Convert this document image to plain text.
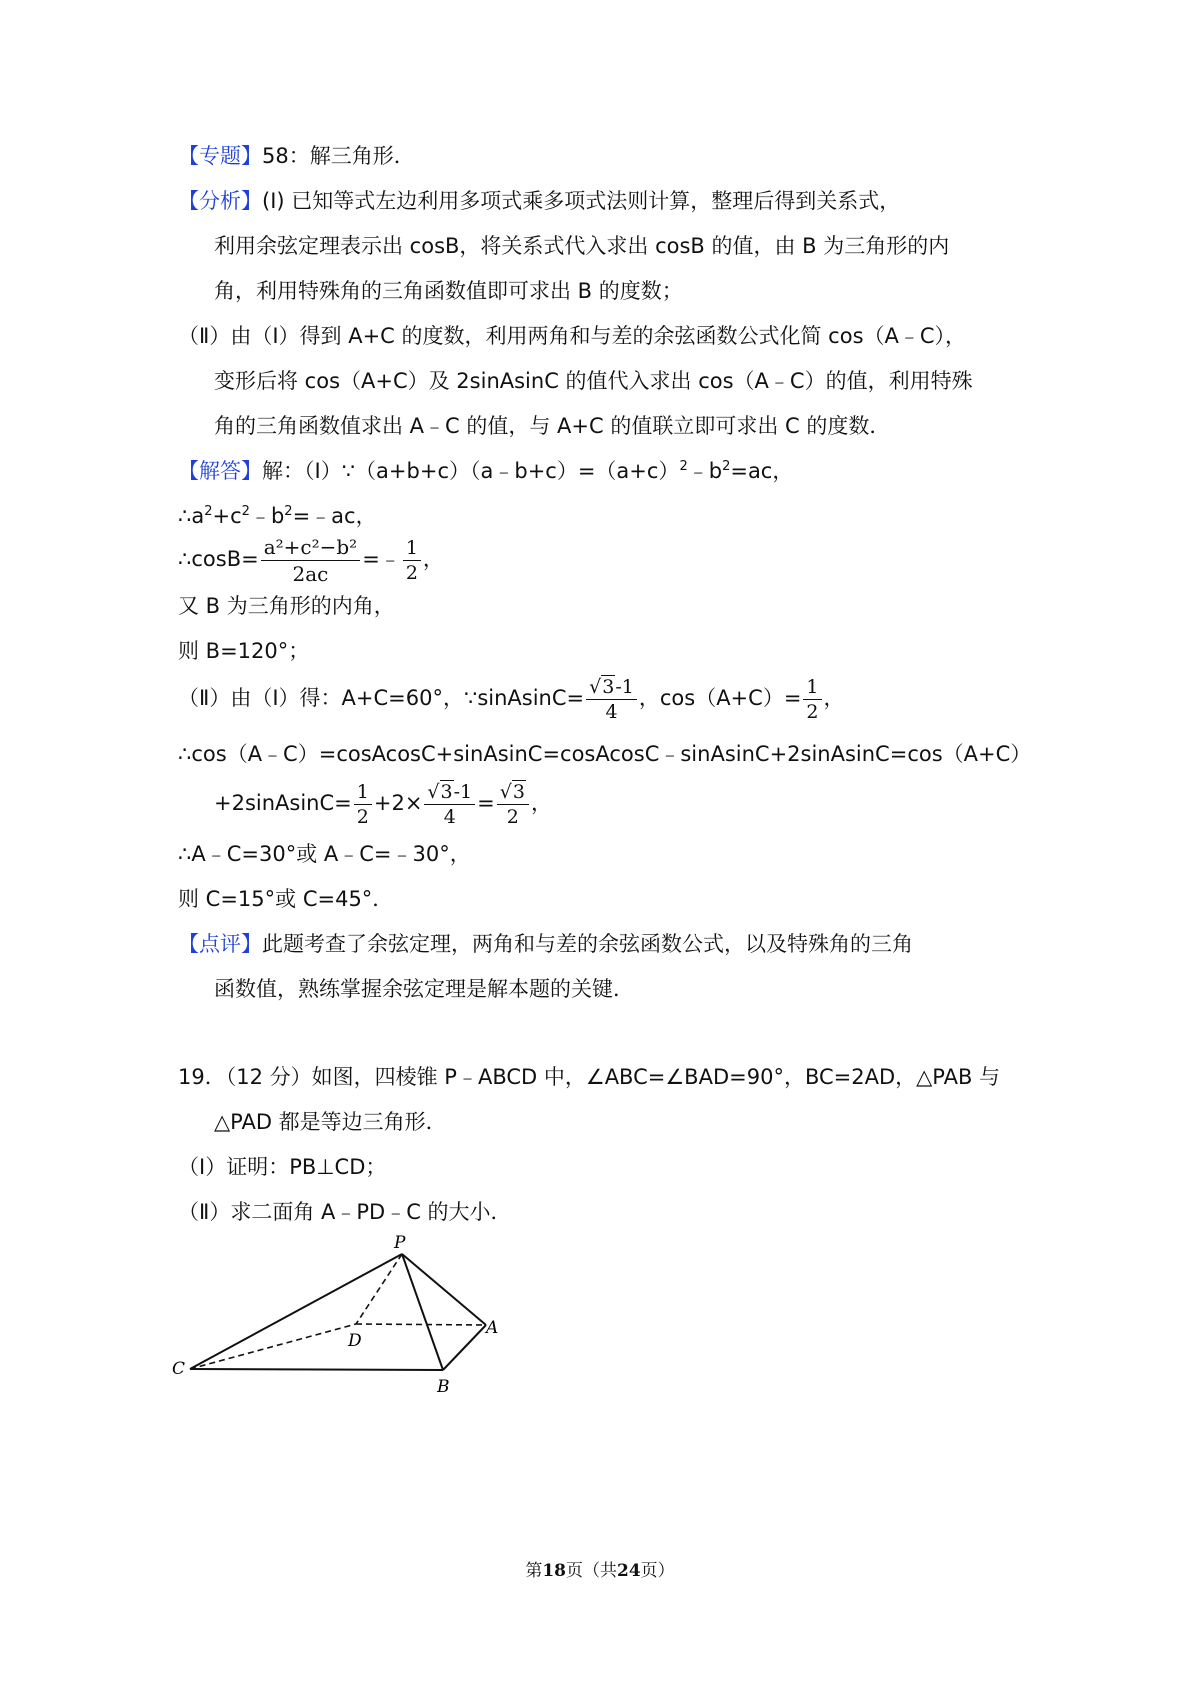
【专题】58：解三角形．
【分析】(Ⅰ) 已知等式左边利用多项式乘多项式法则计算，整理后得到关系式，
利用余弦定理表示出 cosB，将关系式代入求出 cosB 的值，由 B 为三角形的内
角，利用特殊角的三角函数值即可求出 B 的度数；
（Ⅱ）由（Ⅰ）得到 A+C 的度数，利用两角和与差的余弦函数公式化简 cos（A﹣C），
变形后将 cos（A+C）及 2sinAsinC 的值代入求出 cos（A﹣C）的值，利用特殊
角的三角函数值求出 A﹣C 的值，与 A+C 的值联立即可求出 C 的度数．
【解答】解：$(Ⅰ)\because(a+b+c)(a﹣b+c)=(a+c)^2﹣b^2=ac$，
$\therefore a^2+c^2﹣b^2=﹣ac$，
∴cosB= $\frac{\text{a²+c²−b²}}{2ac}$ =﹣ $\frac{1}{2}$ ，
又 B 为三角形的内角，
则 B=120°；
（Ⅱ）由（Ⅰ）得：A+C=60°，∵sinAsinC= $\frac{√3-1}{4}$ ，$\cos(A+C)= \frac{1}{2}$ ，
∴cos（A﹣C）=cosAcosC+sinAsinC=cosAcosC﹣sinAsinC+2sinAsinC=cos（A+C）
+2sinAsinC= $\frac{1}{2} +2\times \frac{√3-1}{4} = \frac{√3}{2}$ ，
∴A﹣C=30°或 A﹣C=﹣30°，
则 C=15°或 C=45°．
【点评】此题考查了余弦定理，两角和与差的余弦函数公式，以及特殊角的三角
函数值，熟练掌握余弦定理是解本题的关键．
19．（12 分）如图，四棱锥 P﹣ABCD 中，∠ABC=∠BAD=90°，BC=2AD，△PAB 与
△PAD 都是等边三角形．
（Ⅰ）证明：PB⊥CD；
（Ⅱ）求二面角 A﹣PD﹣C 的大小．
P
A
B
C
D
第18页（共24页）
